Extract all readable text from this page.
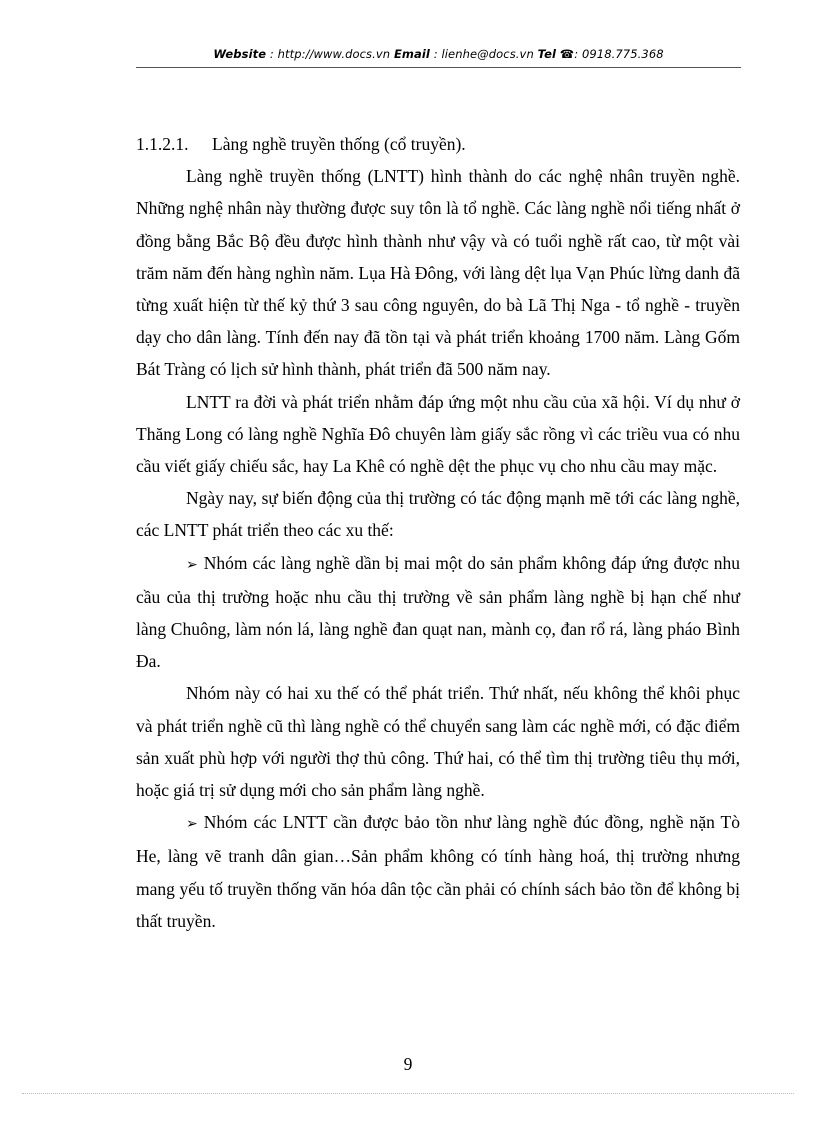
Website : http://www.docs.vn Email : lienhe@docs.vn Tel ☎: 0918.775.368

1.1.2.1. Làng nghề truyền thống (cổ truyền).

Làng nghề truyền thống (LNTT) hình thành do các nghệ nhân truyền nghề. Những nghệ nhân này thường được suy tôn là tổ nghề. Các làng nghề nổi tiếng nhất ở đồng bằng Bắc Bộ đều được hình thành như vậy và có tuổi nghề rất cao, từ một vài trăm năm đến hàng nghìn năm. Lụa Hà Đông, với làng dệt lụa Vạn Phúc lừng danh đã từng xuất hiện từ thế kỷ thứ 3 sau công nguyên, do bà Lã Thị Nga - tổ nghề - truyền dạy cho dân làng. Tính đến nay đã tồn tại và phát triển khoảng 1700 năm. Làng Gốm Bát Tràng có lịch sử hình thành, phát triển đã 500 năm nay.

LNTT ra đời và phát triển nhằm đáp ứng một nhu cầu của xã hội. Ví dụ như ở Thăng Long có làng nghề Nghĩa Đô chuyên làm giấy sắc rồng vì các triều vua có nhu cầu viết giấy chiếu sắc, hay La Khê có nghề dệt the phục vụ cho nhu cầu may mặc.

Ngày nay, sự biến động của thị trường có tác động mạnh mẽ tới các làng nghề, các LNTT phát triển theo các xu thế:

➢ Nhóm các làng nghề dần bị mai một do sản phẩm không đáp ứng được nhu cầu của thị trường hoặc nhu cầu thị trường về sản phẩm làng nghề bị hạn chế như làng Chuông, làm nón lá, làng nghề đan quạt nan, mành cọ, đan rổ rá, làng pháo Bình Đa.

Nhóm này có hai xu thế có thể phát triển. Thứ nhất, nếu không thể khôi phục và phát triển nghề cũ thì làng nghề có thể chuyển sang làm các nghề mới, có đặc điểm sản xuất phù hợp với người thợ thủ công. Thứ hai, có thể tìm thị trường tiêu thụ mới, hoặc giá trị sử dụng mới cho sản phẩm làng nghề.

➢ Nhóm các LNTT cần được bảo tồn như làng nghề đúc đồng, nghề nặn Tò He, làng vẽ tranh dân gian…Sản phẩm không có tính hàng hoá, thị trường nhưng mang yếu tố truyền thống văn hóa dân tộc cần phải có chính sách bảo tồn để không bị thất truyền.

9
